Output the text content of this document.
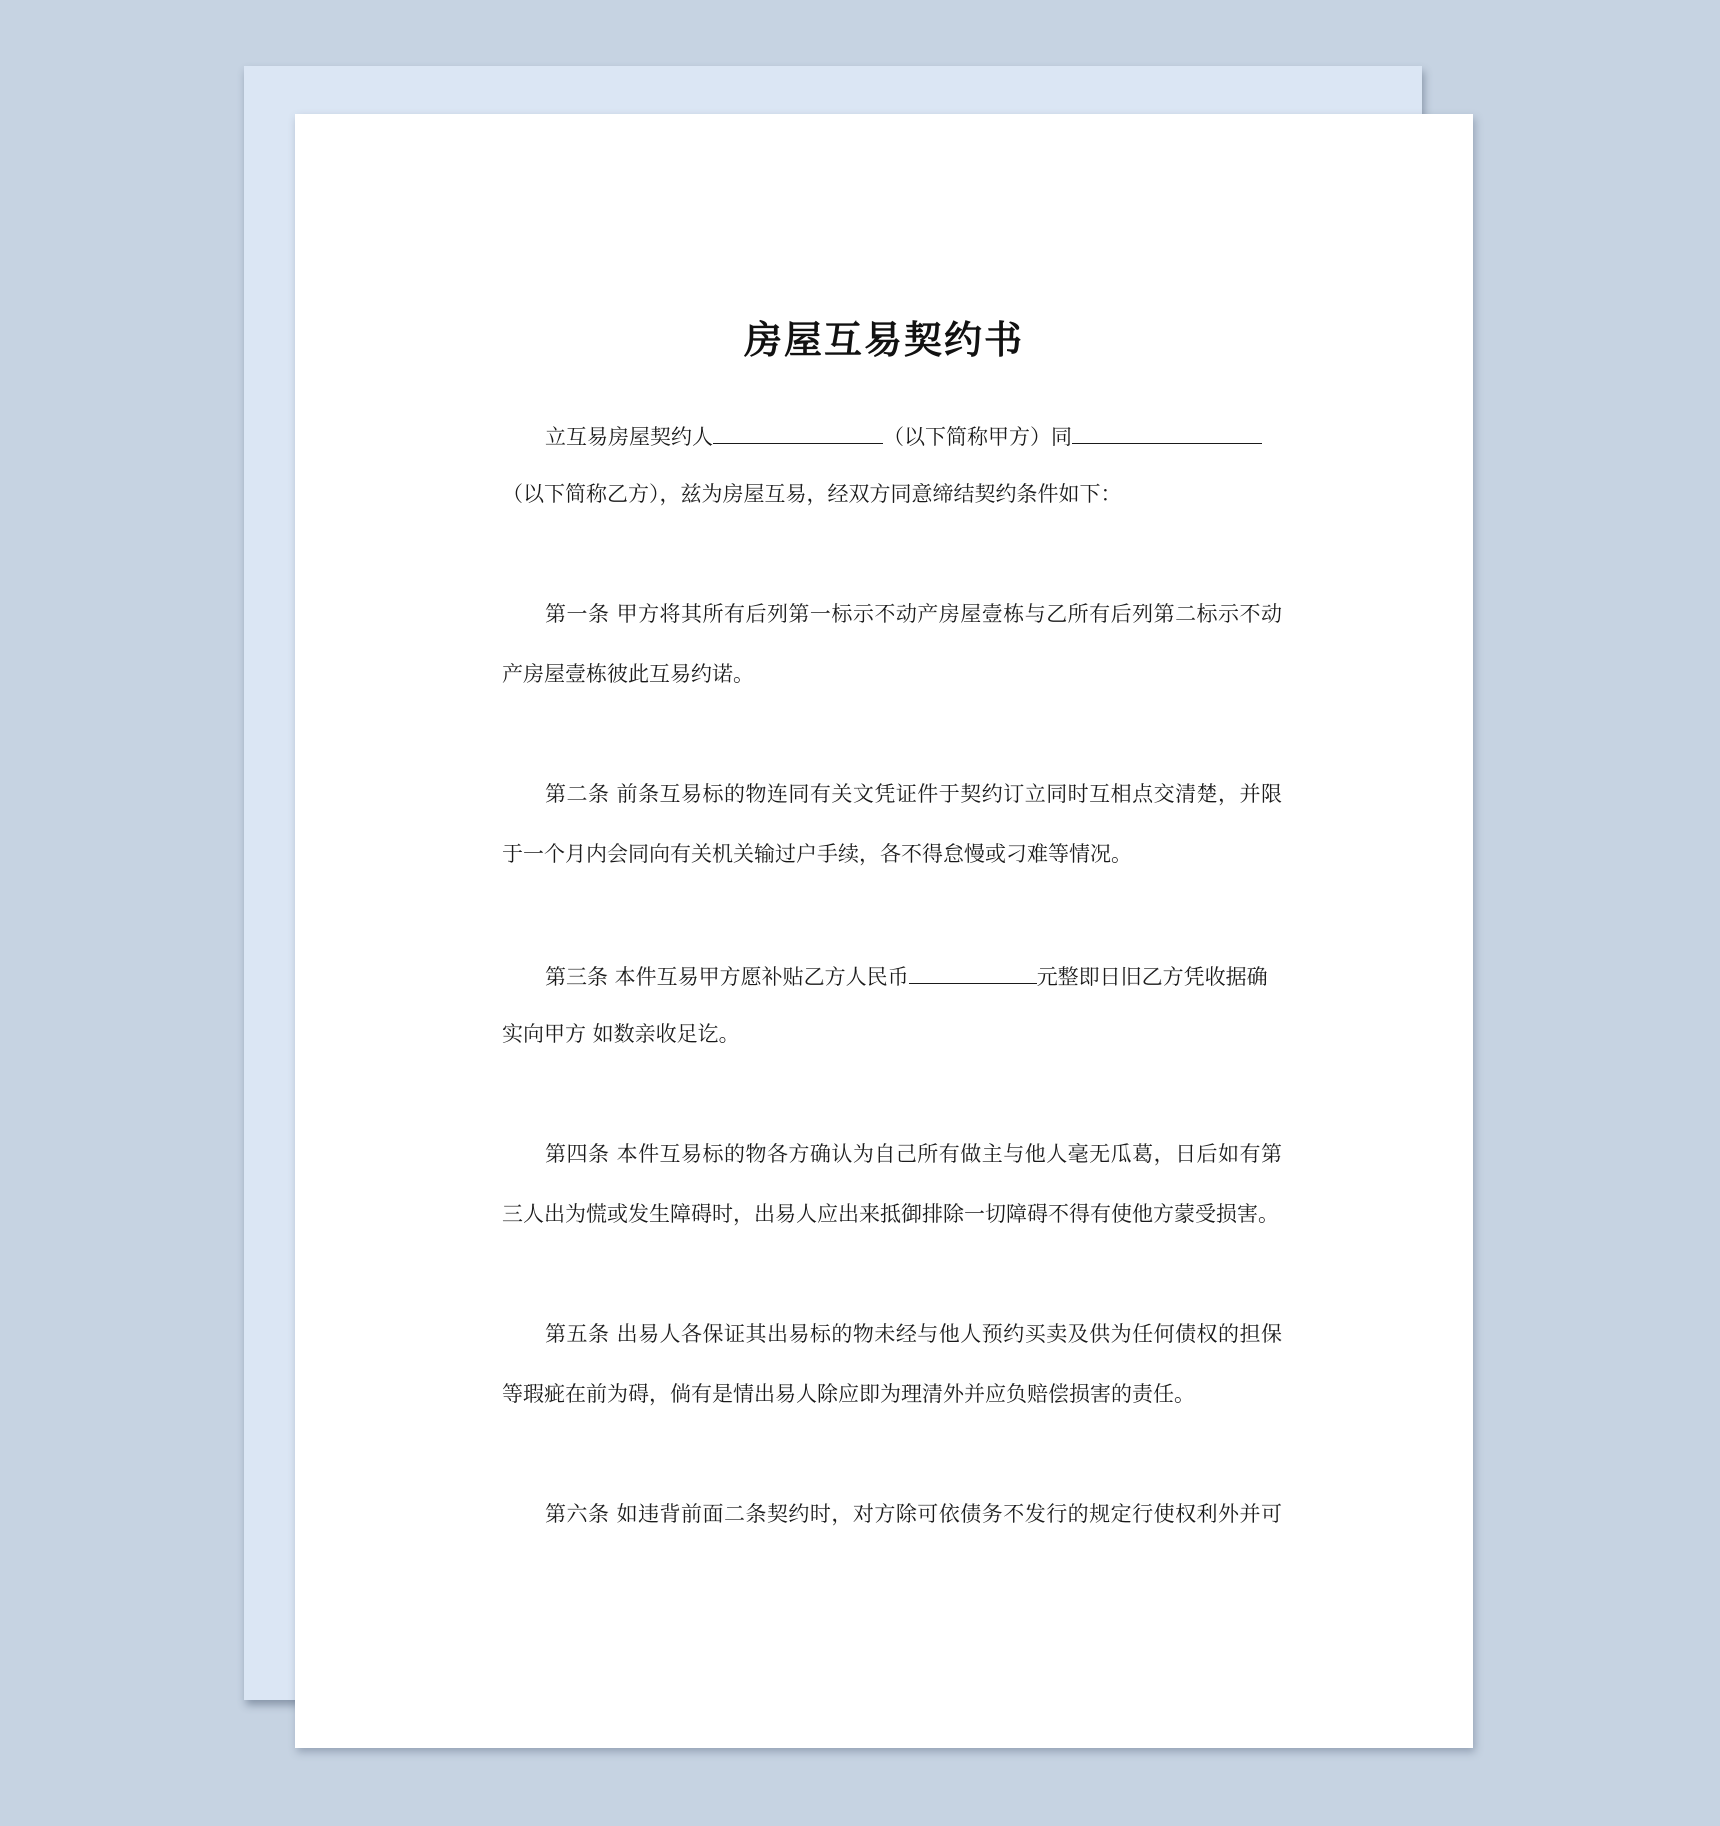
房屋互易契约书
立互易房屋契约人	（以下简称甲方）同
（以下简称乙方），兹为房屋互易，经双方同意缔结契约条件如下：
第一条 甲方将其所有后列第一标示不动产房屋壹栋与乙所有后列第二标示不动
产房屋壹栋彼此互易约诺。
第二条 前条互易标的物连同有关文凭证件于契约订立同时互相点交清楚，并限
于一个月内会同向有关机关输过户手续，各不得怠慢或刁难等情况。
第三条 本件互易甲方愿补贴乙方人民币	元整即日旧乙方凭收据确
实向甲方 如数亲收足讫。
第四条 本件互易标的物各方确认为自己所有做主与他人毫无瓜葛，日后如有第
三人出为慌或发生障碍时，出易人应出来抵御排除一切障碍不得有使他方蒙受损害。
第五条 出易人各保证其出易标的物未经与他人预约买卖及供为任何债权的担保
等瑕疵在前为碍，倘有是情出易人除应即为理清外并应负赔偿损害的责任。
第六条 如违背前面二条契约时，对方除可依债务不发行的规定行使权利外并可
